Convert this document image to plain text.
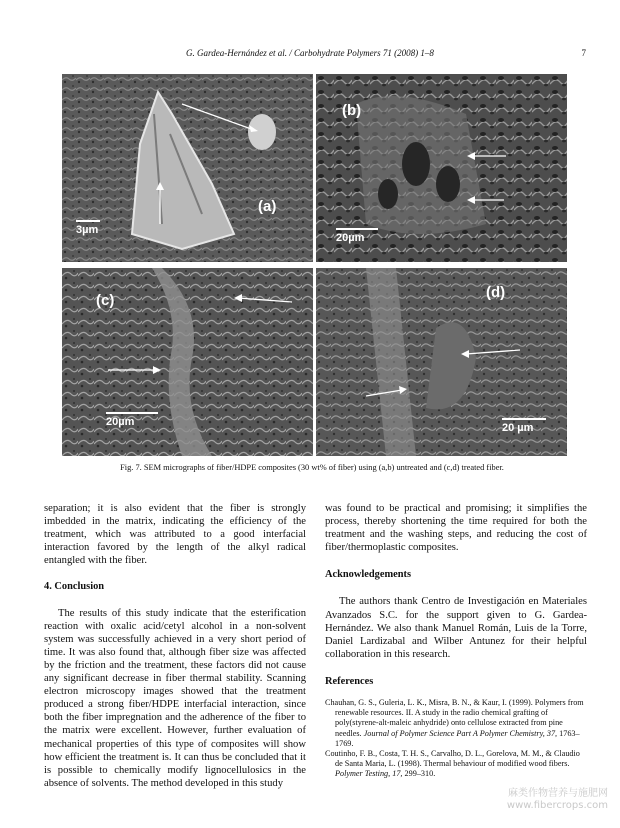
G. Gardea-Hernández et al. / Carbohydrate Polymers 71 (2008) 1–8	7
(a)
3µm
(b)
20µm
(c)
20µm
(d)
20 µm
Fig. 7. SEM micrographs of fiber/HDPE composites (30 wt% of fiber) using (a,b) untreated and (c,d) treated fiber.

separation; it is also evident that the fiber is strongly imbedded in the matrix, indicating the efficiency of the treatment, which was attributed to a good interfacial interaction favored by the length of the alkyl radical entangled with the fiber.

4. Conclusion

The results of this study indicate that the esterification reaction with oxalic acid/cetyl alcohol in a non-solvent system was successfully achieved in a very short period of time. It was also found that, although fiber size was affected by the friction and the treatment, these factors did not cause any significant decrease in fiber thermal stability. Scanning electron microscopy images showed that the treatment produced a strong fiber/HDPE interfacial interaction, since both the fiber impregnation and the adherence of the fiber to the matrix were excellent. However, further evaluation of mechanical properties of this type of composites will show how efficient the treatment is. It can thus be concluded that it is possible to chemically modify lignocellulosics in the absence of solvents. The method developed in this study

was found to be practical and promising; it simplifies the process, thereby shortening the time required for both the treatment and the washing steps, and reducing the cost of fiber/thermoplastic composites.

Acknowledgements

The authors thank Centro de Investigación en Materiales Avanzados S.C. for the support given to G. Gardea-Hernández. We also thank Manuel Román, Luis de la Torre, Daniel Lardizabal and Wilber Antunez for their helpful collaboration in this research.

References

Chauhan, G. S., Guleria, L. K., Misra, B. N., & Kaur, I. (1999). Polymers from renewable resources. II. A study in the radio chemical grafting of poly(styrene-alt-maleic anhydride) onto cellulose extracted from pine needles. Journal of Polymer Science Part A Polymer Chemistry, 37, 1763–1769.

Coutinho, F. B., Costa, T. H. S., Carvalho, D. L., Gorelova, M. M., & Claudio de Santa Maria, L. (1998). Thermal behaviour of modified wood fibers. Polymer Testing, 17, 299–310.

麻类作物营养与施肥网
www.fibercrops.com
